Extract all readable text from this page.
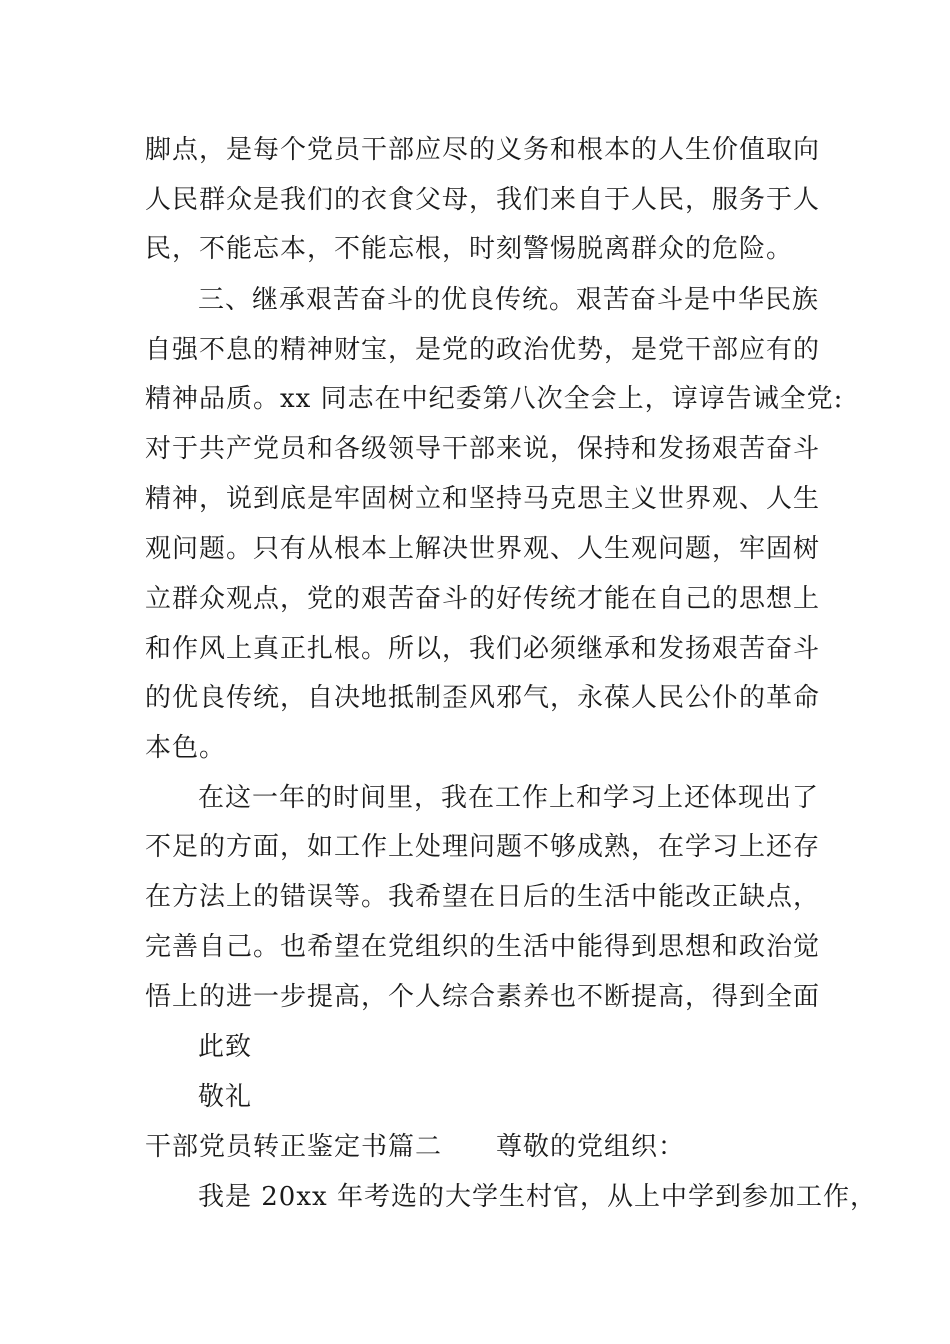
脚点，是每个党员干部应尽的义务和根本的人生价值取向
人民群众是我们的衣食父母，我们来自于人民，服务于人
民，不能忘本，不能忘根，时刻警惕脱离群众的危险。
三、继承艰苦奋斗的优良传统。艰苦奋斗是中华民族
自强不息的精神财宝，是党的政治优势，是党干部应有的
精神品质。xx 同志在中纪委第八次全会上，谆谆告诫全党:
对于共产党员和各级领导干部来说，保持和发扬艰苦奋斗
精神，说到底是牢固树立和坚持马克思主义世界观、人生
观问题。只有从根本上解决世界观、人生观问题，牢固树
立群众观点，党的艰苦奋斗的好传统才能在自己的思想上
和作风上真正扎根。所以，我们必须继承和发扬艰苦奋斗
的优良传统，自决地抵制歪风邪气，永葆人民公仆的革命
本色。
在这一年的时间里，我在工作上和学习上还体现出了
不足的方面，如工作上处理问题不够成熟，在学习上还存
在方法上的错误等。我希望在日后的生活中能改正缺点，
完善自己。也希望在党组织的生活中能得到思想和政治觉
悟上的进一步提高，个人综合素养也不断提高，得到全面
此致
敬礼
干部党员转正鉴定书篇二　　尊敬的党组织：
我是 20xx 年考选的大学生村官，从上中学到参加工作，
